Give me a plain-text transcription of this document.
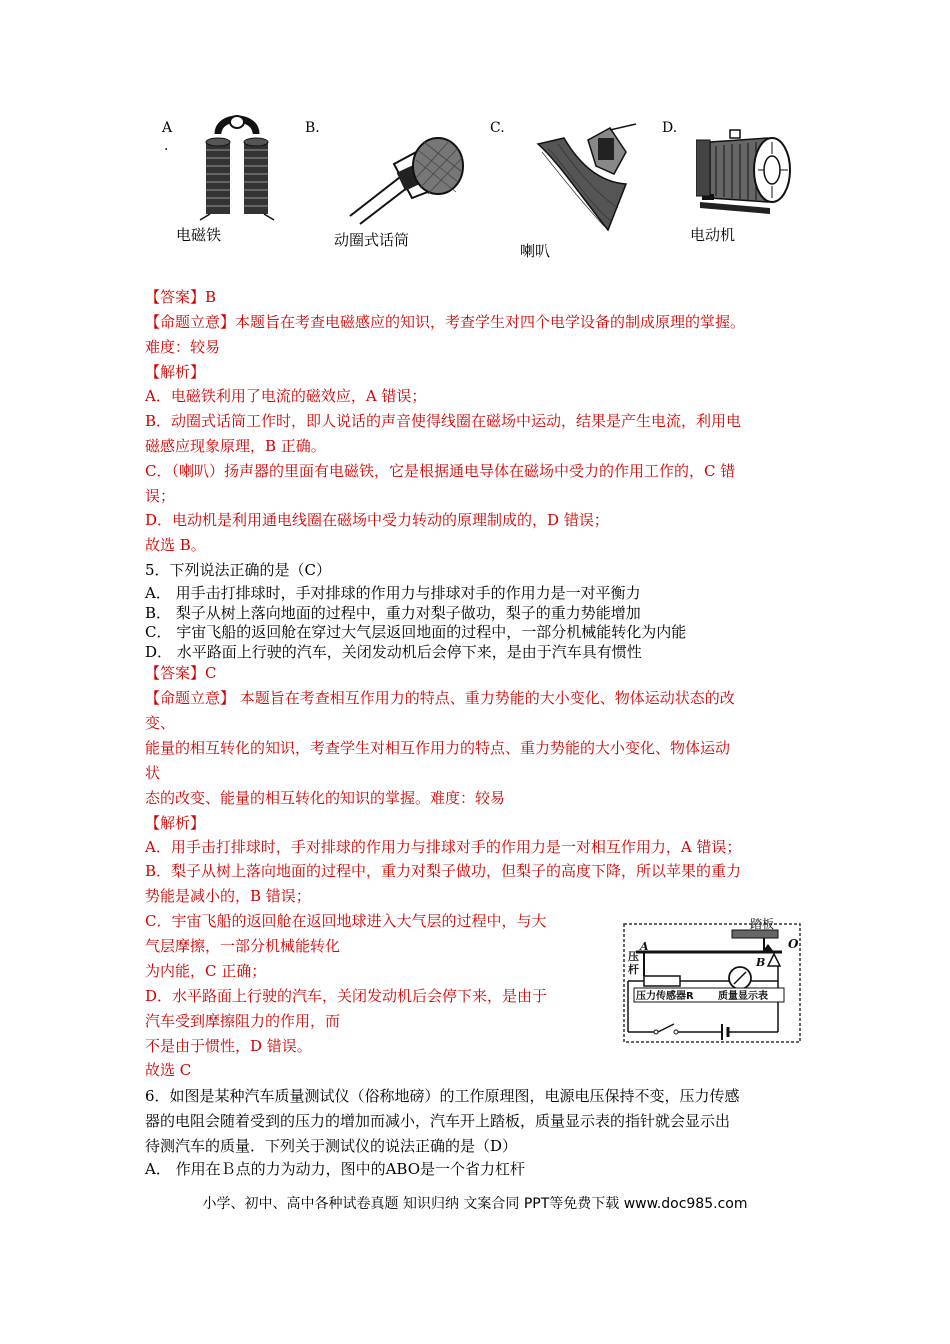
A
.
B.	C.	D.
电磁铁	动圈式话筒
喇叭
电动机
【答案】B
【命题立意】本题旨在考查电磁感应的知识，考查学生对四个电学设备的制成原理的掌握。
难度：较易
【解析】
A．电磁铁利用了电流的磁效应，A 错误；
B．动圈式话筒工作时，即人说话的声音使得线圈在磁场中运动，结果是产生电流，利用电
磁感应现象原理，B 正确。
C．（喇叭）扬声器的里面有电磁铁，它是根据通电导体在磁场中受力的作用工作的，C 错
误；
D．电动机是利用通电线圈在磁场中受力转动的原理制成的，D 错误；
故选 B。
5．下列说法正确的是（C）
A． 用手击打排球时，手对排球的作用力与排球对手的作用力是一对平衡力
B． 梨子从树上落向地面的过程中，重力对梨子做功，梨子的重力势能增加
C． 宇宙飞船的返回舱在穿过大气层返回地面的过程中，一部分机械能转化为内能
D． 水平路面上行驶的汽车，关闭发动机后会停下来，是由于汽车具有惯性
【答案】C
【命题立意】 本题旨在考查相互作用力的特点、重力势能的大小变化、物体运动状态的改
变、
能量的相互转化的知识，考查学生对相互作用力的特点、重力势能的大小变化、物体运动
状
态的改变、能量的相互转化的知识的掌握。难度：较易
【解析】
A．用手击打排球时，手对排球的作用力与排球对手的作用力是一对相互作用力，A 错误；
B．梨子从树上落向地面的过程中，重力对梨子做功，但梨子的高度下降，所以苹果的重力
势能是减小的，B 错误；
C．宇宙飞船的返回舱在返回地球进入大气层的过程中，与大
气层摩擦，一部分机械能转化
为内能，C 正确；
D．水平路面上行驶的汽车，关闭发动机后会停下来，是由于
汽车受到摩擦阻力的作用，而
不是由于惯性，D 错误。
故选 C
踏板
O
A
B
压
杆
压力传感器R 质量显示表
6．如图是某种汽车质量测试仪（俗称地磅）的工作原理图，电源电压保持不变，压力传感
器的电阻会随着受到的压力的增加而减小，汽车开上踏板，质量显示表的指针就会显示出
待测汽车的质量．下列关于测试仪的说法正确的是（D）
A． 作用在Ｂ点的力为动力，图中的ABO是一个省力杠杆
小学、初中、高中各种试卷真题 知识归纳 文案合同 PPT等免费下载 www.doc985.com
